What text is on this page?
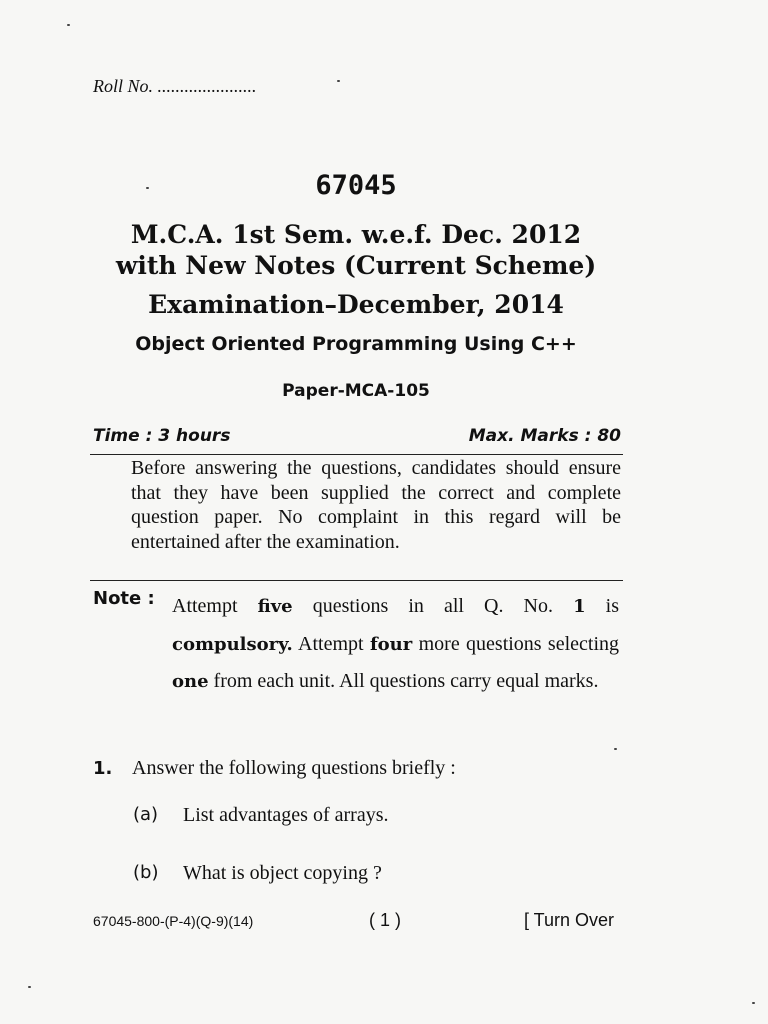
Roll No. ......................
67045
M.C.A. 1st Sem. w.e.f. Dec. 2012
with New Notes (Current Scheme)
Examination–December, 2014
Object Oriented Programming Using C++
Paper-MCA-105
Time : 3 hours	Max. Marks : 80
Before answering the questions, candidates should ensure that they have been supplied the correct and complete question paper. No complaint in this regard will be entertained after the examination.
Note : Attempt five questions in all Q. No. 1 is compulsory. Attempt four more questions selecting one from each unit. All questions carry equal marks.
1. Answer the following questions briefly :
(a) List advantages of arrays.
(b) What is object copying ?
67045-800-(P-4)(Q-9)(14)	( 1 )	[ Turn Over
